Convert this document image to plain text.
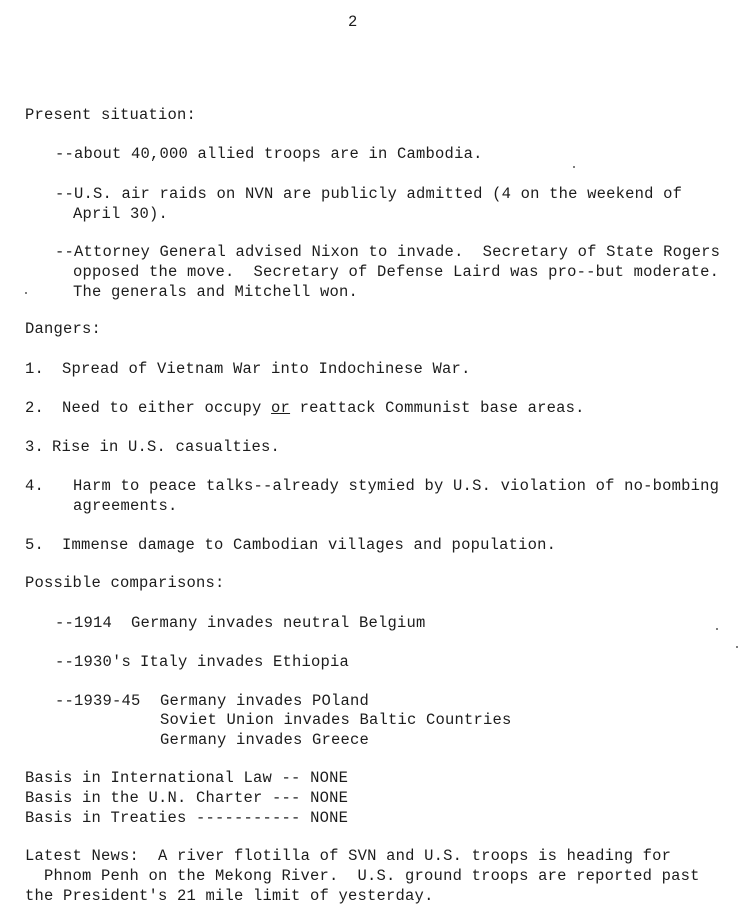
2
Present situation:
--about 40,000 allied troops are in Cambodia.
--U.S. air raids on NVN are publicly admitted (4 on the weekend of
April 30).
--Attorney General advised Nixon to invade.  Secretary of State Rogers
opposed the move.  Secretary of Defense Laird was pro--but moderate.
The generals and Mitchell won.
Dangers:
1. Spread of Vietnam War into Indochinese War.
2. Need to either occupy or reattack Communist base areas.
3. Rise in U.S. casualties.
4. Harm to peace talks--already stymied by U.S. violation of no-bombing
agreements.
5. Immense damage to Cambodian villages and population.
Possible comparisons:
--1914 Germany invades neutral Belgium
--1930's Italy invades Ethiopia
--1939-45 Germany invades POland
Soviet Union invades Baltic Countries
Germany invades Greece
Basis in International Law -- NONE
Basis in the U.N. Charter --- NONE
Basis in Treaties ----------- NONE
Latest News: A river flotilla of SVN and U.S. troops is heading for
Phnom Penh on the Mekong River.  U.S. ground troops are reported past
the President's 21 mile limit of yesterday.
